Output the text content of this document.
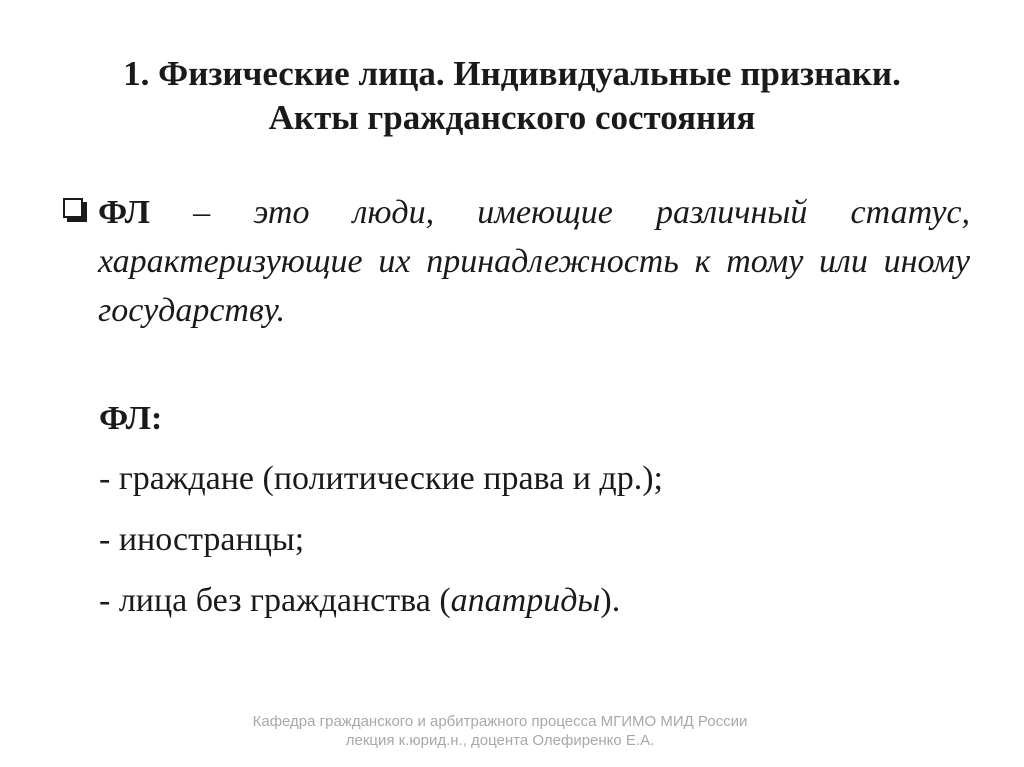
1. Физические лица. Индивидуальные признаки.
Акты гражданского состояния
ФЛ – это люди, имеющие различный статус, характеризующие их принадлежность к тому или иному государству.
ФЛ:
- граждане (политические права и др.);
- иностранцы;
- лица без гражданства (апатриды).
Кафедра гражданского и арбитражного процесса МГИМО МИД России
лекция к.юрид.н., доцента Олефиренко Е.А.
